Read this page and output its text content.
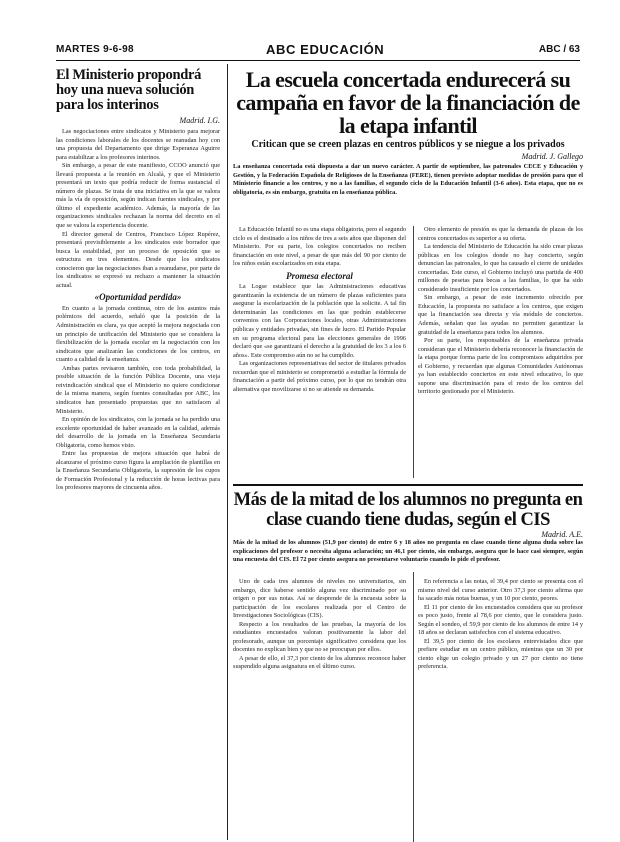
MARTES 9-6-98	ABC EDUCACIÓN	ABC / 63
El Ministerio propondrá hoy una nueva solución para los interinos
Madrid. I.G.

Las negociaciones entre sindicatos y Ministerio para mejorar las condiciones laborales de los docentes se reanudan hoy con una propuesta del Departamento que dirige Esperanza Aguirre para estabilizar a los profesores interinos.

Sin embargo, a pesar de este manifiesto, CCOO anunció que llevará propuesta a la reunión en Alcalá, y que el Ministerio presentará un texto que podría reducir de forma sustancial el número de plazas. Se trata de una iniciativa en la que se valora más la vía de oposición, según indican fuentes sindicales, y por último el expediente académico. Además, la mayoría de las organizaciones sindicales rechazan la norma del decreto en el que se valora la experiencia docente.

El director general de Centros, Francisco López Rupérez, presentará previsiblemente a los sindicatos este borrador que busca la estabilidad, por un proceso de oposición que se estructura en tres elementos. Desde que los sindicatos conocieron que las negociaciones iban a reanudarse, por parte de los sindicatos se expresó su rechazo a mantener la situación actual.

«Oportunidad perdida»

En cuanto a la jornada continua, otro de los asuntos más polémicos del acuerdo, señaló que la posición de la Administración es clara, ya que aceptó la mejora negociada con un principio de unificación del Ministerio que se considera la flexibilización de la jornada escolar en la negociación con los sindicatos que analizarán las condiciones de los centros, en cuanto a calidad de la enseñanza.

Ambas partes revisaron también, con toda probabilidad, la posible situación de la función Pública Docente, una vieja reivindicación sindical que el Ministerio no quiere condicionar de la misma manera, según fuentes consultadas por ABC, los sindicatos han presentado propuestas que no satisfacen al Ministerio.

En opinión de los sindicatos, con la jornada se ha perdido una excelente oportunidad de haber avanzado en la calidad, además del desarrollo de la jornada en la Enseñanza Secundaria Obligatoria, como hemos visto.

Entre las propuestas de mejora situación que habrá de alcanzarse el próximo curso figura la ampliación de plantillas en la Enseñanza Secundaria Obligatoria, la supresión de los cupos de Formación Profesional y la reducción de horas lectivas para los profesores mayores de cincuenta años.

La escuela concertada endurecerá su campaña en favor de la financiación de la etapa infantil
Critican que se creen plazas en centros públicos y se niegue a los privados
Madrid. J. Gallego
La enseñanza concertada está dispuesta a dar un nuevo carácter. A partir de septiembre, las patronales CECE y Educación y Gestión, y la Federación Española de Religiosos de la Enseñanza (FERE), tienen previsto adoptar medidas de presión para que el Ministerio financie a los centros, y no a las familias, el segundo ciclo de la Educación Infantil (3-6 años). Esta etapa, que no es obligatoria, es sin embargo, gratuita en la enseñanza pública.

La Educación Infantil no es una etapa obligatoria, pero el segundo ciclo es el destinado a los niños de tres a seis años que disponen del Ministerio. Por su parte, los colegios concertados no reciben financiación en este nivel, a pesar de que más del 90 por ciento de los niños están escolarizados en esta etapa.

Promesa electoral

La Logse establece que las Administraciones educativas garantizarán la existencia de un número de plazas suficientes para asegurar la escolarización de la población que la solicite. A tal fin determinarán las condiciones en las que podrán establecerse convenios con las Corporaciones locales, otras Administraciones públicas y entidades privadas, sin fines de lucro. El Partido Popular en su programa electoral para las elecciones generales de 1996 declaró que «se garantizará el derecho a la gratuidad de los 3 a los 6 años». Este compromiso aún no se ha cumplido.

Las organizaciones representativas del sector de titulares privados recuerdan que el ministerio se comprometió a estudiar la fórmula de financiación a partir del próximo curso, por lo que no tendrán otra alternativa que movilizarse si no se atiende su demanda.

Otro elemento de presión es que la demanda de plazas de los centros concertados es superior a su oferta.

La tendencia del Ministerio de Educación ha sido crear plazas públicas en los colegios donde no hay concierto, según denuncian las patronales, lo que ha causado el cierre de unidades concertadas. Este curso, el Gobierno incluyó una partida de 400 millones de pesetas para becas a las familias, lo que ha sido considerado insuficiente por los concertados.

Sin embargo, a pesar de este incremento ofrecido por Educación, la propuesta no satisface a los centros, que exigen que la financiación sea directa y vía módulo de conciertos. Además, señalan que las ayudas no permiten garantizar la gratuidad de la enseñanza para todos los alumnos.

Por su parte, los responsables de la enseñanza privada consideran que el Ministerio debería reconocer la financiación de la etapa porque forma parte de los compromisos adquiridos por el Gobierno, y recuerdan que algunas Comunidades Autónomas ya han establecido conciertos en este nivel educativo, lo que supone una discriminación para el resto de los centros del territorio gestionado por el Ministerio.

Más de la mitad de los alumnos no pregunta en clase cuando tiene dudas, según el CIS
Madrid. A.E.
Más de la mitad de los alumnos (51,9 por ciento) de entre 6 y 18 años no pregunta en clase cuando tiene alguna duda sobre las explicaciones del profesor o necesita alguna aclaración; un 46,1 por ciento, sin embargo, asegura que lo hace casi siempre, según una encuesta del CIS. El 72 por ciento asegura no presentarse voluntario cuando lo pide el profesor.

Uno de cada tres alumnos de niveles no universitarios, sin embargo, dice haberse sentido alguna vez discriminado por su origen o por sus notas. Así se desprende de la encuesta sobre la participación de los escolares realizada por el Centro de Investigaciones Sociológicas (CIS).

Respecto a los resultados de las pruebas, la mayoría de los estudiantes encuestados valoran positivamente la labor del profesorado, aunque un porcentaje significativo considera que los docentes no explican bien y que no se preocupan por ellos.

A pesar de ello, el 37,3 por ciento de los alumnos reconoce haber suspendido alguna asignatura en el último curso.

En referencia a las notas, el 39,4 por ciento se presenta con el mismo nivel del curso anterior. Otro 37,3 por ciento afirma que ha sacado más notas buenas, y un 10 por ciento, peores.

El 11 por ciento de los encuestados considera que su profesor es poco justo, frente al 78,6 por ciento, que le considera justo. Según el sondeo, el 59,9 por ciento de los alumnos de entre 14 y 18 años se declaran satisfechos con el sistema educativo.

El 39,5 por ciento de los escolares entrevistados dice que prefiere estudiar en un centro público, mientras que un 30 por ciento elige un colegio privado y un 27 por ciento no tiene preferencia.
